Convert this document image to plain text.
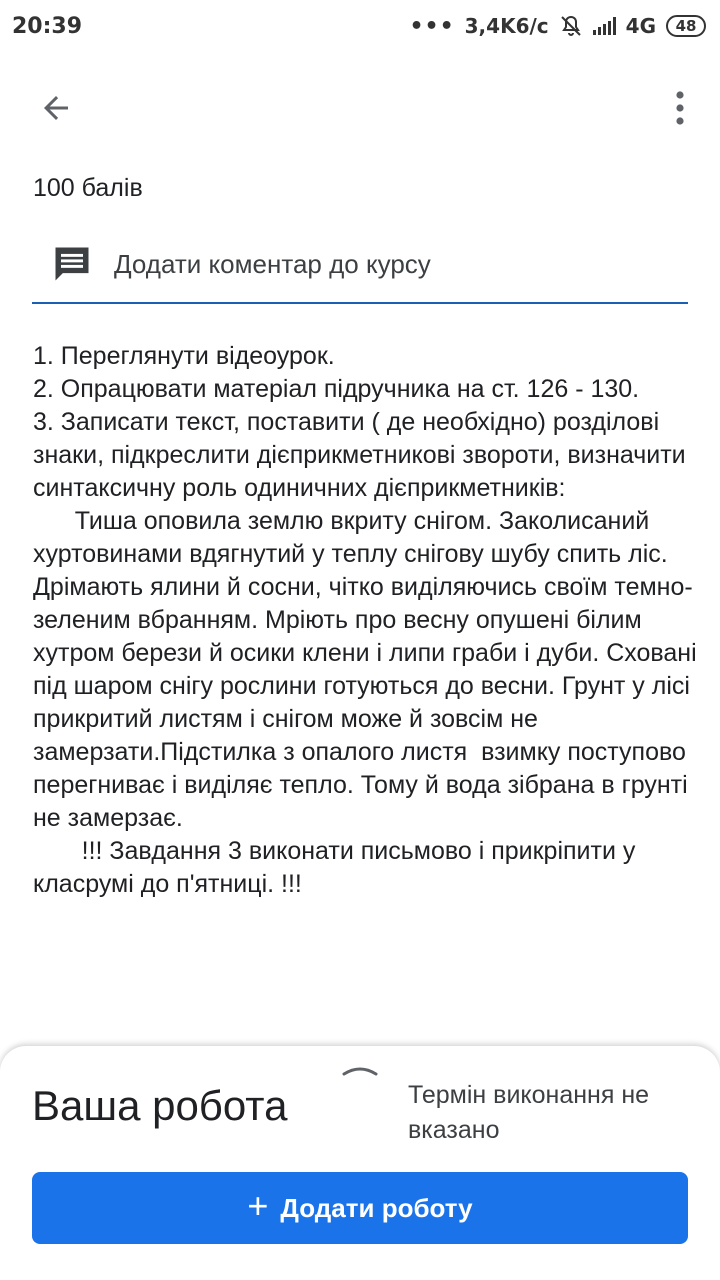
20:39	••• 3,4K6/c	4G 48
100 балів
Додати коментар до курсу
1. Переглянути відеоурок.
2. Опрацювати матеріал підручника на ст. 126 - 130.
3. Записати текст, поставити ( де необхідно) розділові знаки, підкреслити дієприкметникові звороти, визначити синтаксичну роль одиничних дієприкметників:
Тиша оповила землю вкриту снігом. Заколисаний хуртовинами вдягнутий у теплу снігову шубу спить ліс. Дрімають ялини й сосни, чітко виділяючись своїм темно-зеленим вбранням. Мріють про весну опушені білим хутром берези й осики клени і липи граби і дуби. Сховані під шаром снігу рослини готуються до весни. Грунт у лісі прикритий листям і снігом може й зовсім не замерзати.Підстилка з опалого листя  взимку поступово перегниває і виділяє тепло. Тому й вода зібрана в грунті не замерзає.
!!! Завдання 3 виконати письмово і прикріпити у класрумі до п'ятниці. !!!
Ваша робота	Термін виконання не вказано
+ Додати роботу
